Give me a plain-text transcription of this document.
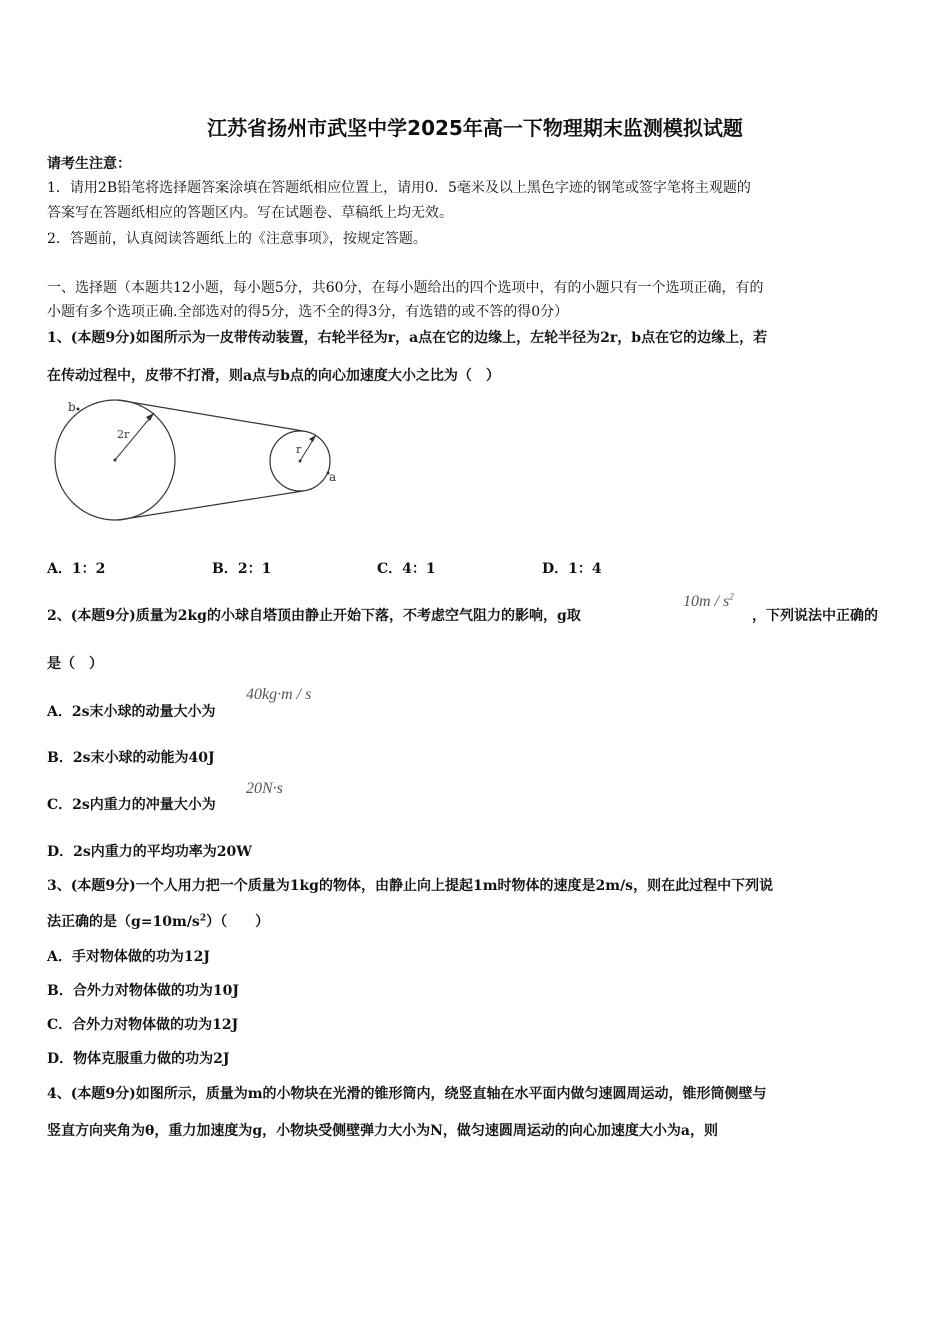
江苏省扬州市武坚中学2025年高一下物理期末监测模拟试题
请考生注意：
1．请用2B铅笔将选择题答案涂填在答题纸相应位置上，请用0．5毫米及以上黑色字迹的钢笔或签字笔将主观题的
答案写在答题纸相应的答题区内。写在试题卷、草稿纸上均无效。
2．答题前，认真阅读答题纸上的《注意事项》，按规定答题。
一、选择题（本题共12小题，每小题5分，共60分，在每小题给出的四个选项中，有的小题只有一个选项正确，有的
小题有多个选项正确.全部选对的得5分，选不全的得3分，有选错的或不答的得0分）
1、(本题9分)如图所示为一皮带传动装置，右轮半径为r，a点在它的边缘上，左轮半径为2r，b点在它的边缘上，若
在传动过程中，皮带不打滑，则a点与b点的向心加速度大小之比为（　）
b
2r
r
a
A．1：2	B．2：1	C．4：1	D．1：4
2、(本题9分)质量为2kg的小球自塔顶由静止开始下落，不考虑空气阻力的影响，g取
$10m / s^2$
，下列说法中正确的
是（　）
A．2s末小球的动量大小为
40kg·m / s
B．2s末小球的动能为40J
C．2s内重力的冲量大小为
20N·s
D．2s内重力的平均功率为20W
3、(本题9分)一个人用力把一个质量为1kg的物体，由静止向上提起1m时物体的速度是2m/s，则在此过程中下列说
法正确的是$(g=10m/s^2)$（　　）
A．手对物体做的功为12J
B．合外力对物体做的功为10J
C．合外力对物体做的功为12J
D．物体克服重力做的功为2J
4、(本题9分)如图所示，质量为m的小物块在光滑的锥形筒内，绕竖直轴在水平面内做匀速圆周运动，锥形筒侧壁与
竖直方向夹角为θ，重力加速度为g，小物块受侧壁弹力大小为N，做匀速圆周运动的向心加速度大小为a，则
